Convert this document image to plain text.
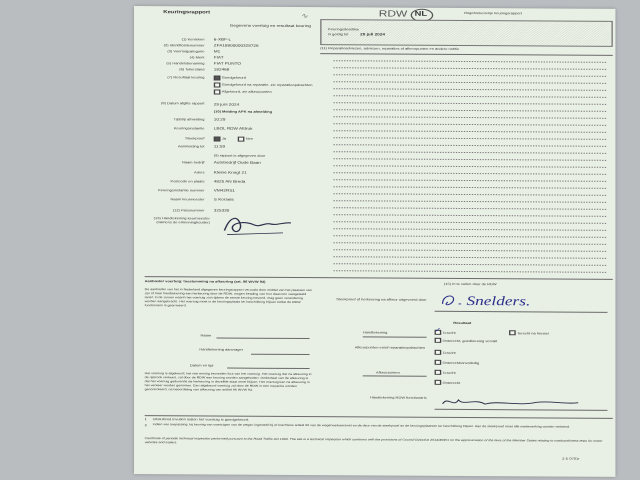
Keuringsrapport
Gegevens voertuig en resultaat keuring
∿	RDW NL	Ongebrekenvrije keuringsrapport
Keuringsdeadline
is geldig tot	28 juli 2024
(1) Kenteken	6-XBF-L
(2) Identificatienummer	ZFA18800000328726
(3) Voertuigcategorie	M1
(4) Merk	FIAT
(5) Handelsbenaming	FIAT PUNTO
(6) Tellerstand	182468
(7) Resultaat keuring	Goedgekeurd
Goedgekeurd na reparatie, zie reparatieopdrachten
Afgekeurd, zie afkeurpunten
(8) Datum afgifte rapport	29 juni 2024
(10) Melding APK na afmelding
Tijdstip afmelding	10:29
Keuringsinstantie	LBOL RDW Afdruk
Steekproef	Ja	Nee
Aanmelding tot	11:59
(9) rapport is afgegeven door
Naam bedrijf	Autobedrijf Oude Baan
Adres	Kleine Kroigt 21
Postcode en plaats	4825 AN Breda
Keuringsinstantie nummer	VM42RS1
Naam keurmeester	S Korsels
(12) Passnummer	325330
(13) Handtekening keurmeester (namens de erkenninghouder)
(11) Reparatieadviezen, adviezen, reparaties of afkeurpunten en andere notitie
Aanbieder voertuig: toestemming na afkeuring (art. 96 WVW 94)
De aanbieder van het in Nederland afgegeven keuringsrapport verzoekt door middel van het plaatsen van zijn of haar handtekening een herkeuring door de RDW, mogen betaling van hun daarvoor vastgesteld tarief. In de zinnen waarin het voertuig zich tijdens de eerste keuring bevond, mag geen verandering worden aangebracht. Het voertuig moet in de keuringsplaats ter beschikking blijven totdat de RDW functionaris is gearriveerd.
Naam
Handtekening aanvrager
Datum en tijd
Het voertuig is afgekeurd, het niet ernstig bevonden fout van het voertuig. Het voertuig dat na afkeuring in de rijstrook verkeert, zal door de RDW een keuring worden aangeboden. Onderdeel van de afkeuring is dat het voertuig gedurende de herkeuring in dezelfde staat moet blijven. Het voertuig kan na afkeuring in het verkeer worden genomen. Een afgekeurd voertuig zal door de RDW in een inspectie worden gecontroleerd, na beoordeling van afkeuring van artikel 96 WVW 94.
(15) In te vullen door de RDW
Steekproef of herkeuring na afkeur uitgevoerd door	Snelders.
Resultaat
Handtekening	✓ Terecht	Terecht na herstel
Onterecht, goedkeuring vervalt
Afkeurpunten en/of reparatieopdrachten
Terecht
Onterecht/onvolledig
Afkeurpunten	Terecht
Onterecht
Handtekening RDW functionaris
1 Uitsluitend invullen indien het voertuig is goedgekeurd.
2 Indien van toepassing: bij keuring van voertuigen van de wegen ingesteld bij of krachtens artikel 96 van de wegenverkeerswet en de deur van de steekproef en de keuringsplaatsen ter beschikking blijven. Aan de steekproef moet alle medewerking worden verleend.
Certificate of periodic technical inspection performed pursuant to the Road Traffic Act 1994. The site is a technical inspection which conforms with the provisions of Council Directive 2014/45/EU on the approximation of the laws of the Member States relating to roadworthiness tests for motor vehicles and trailers.
2 E 0701r
